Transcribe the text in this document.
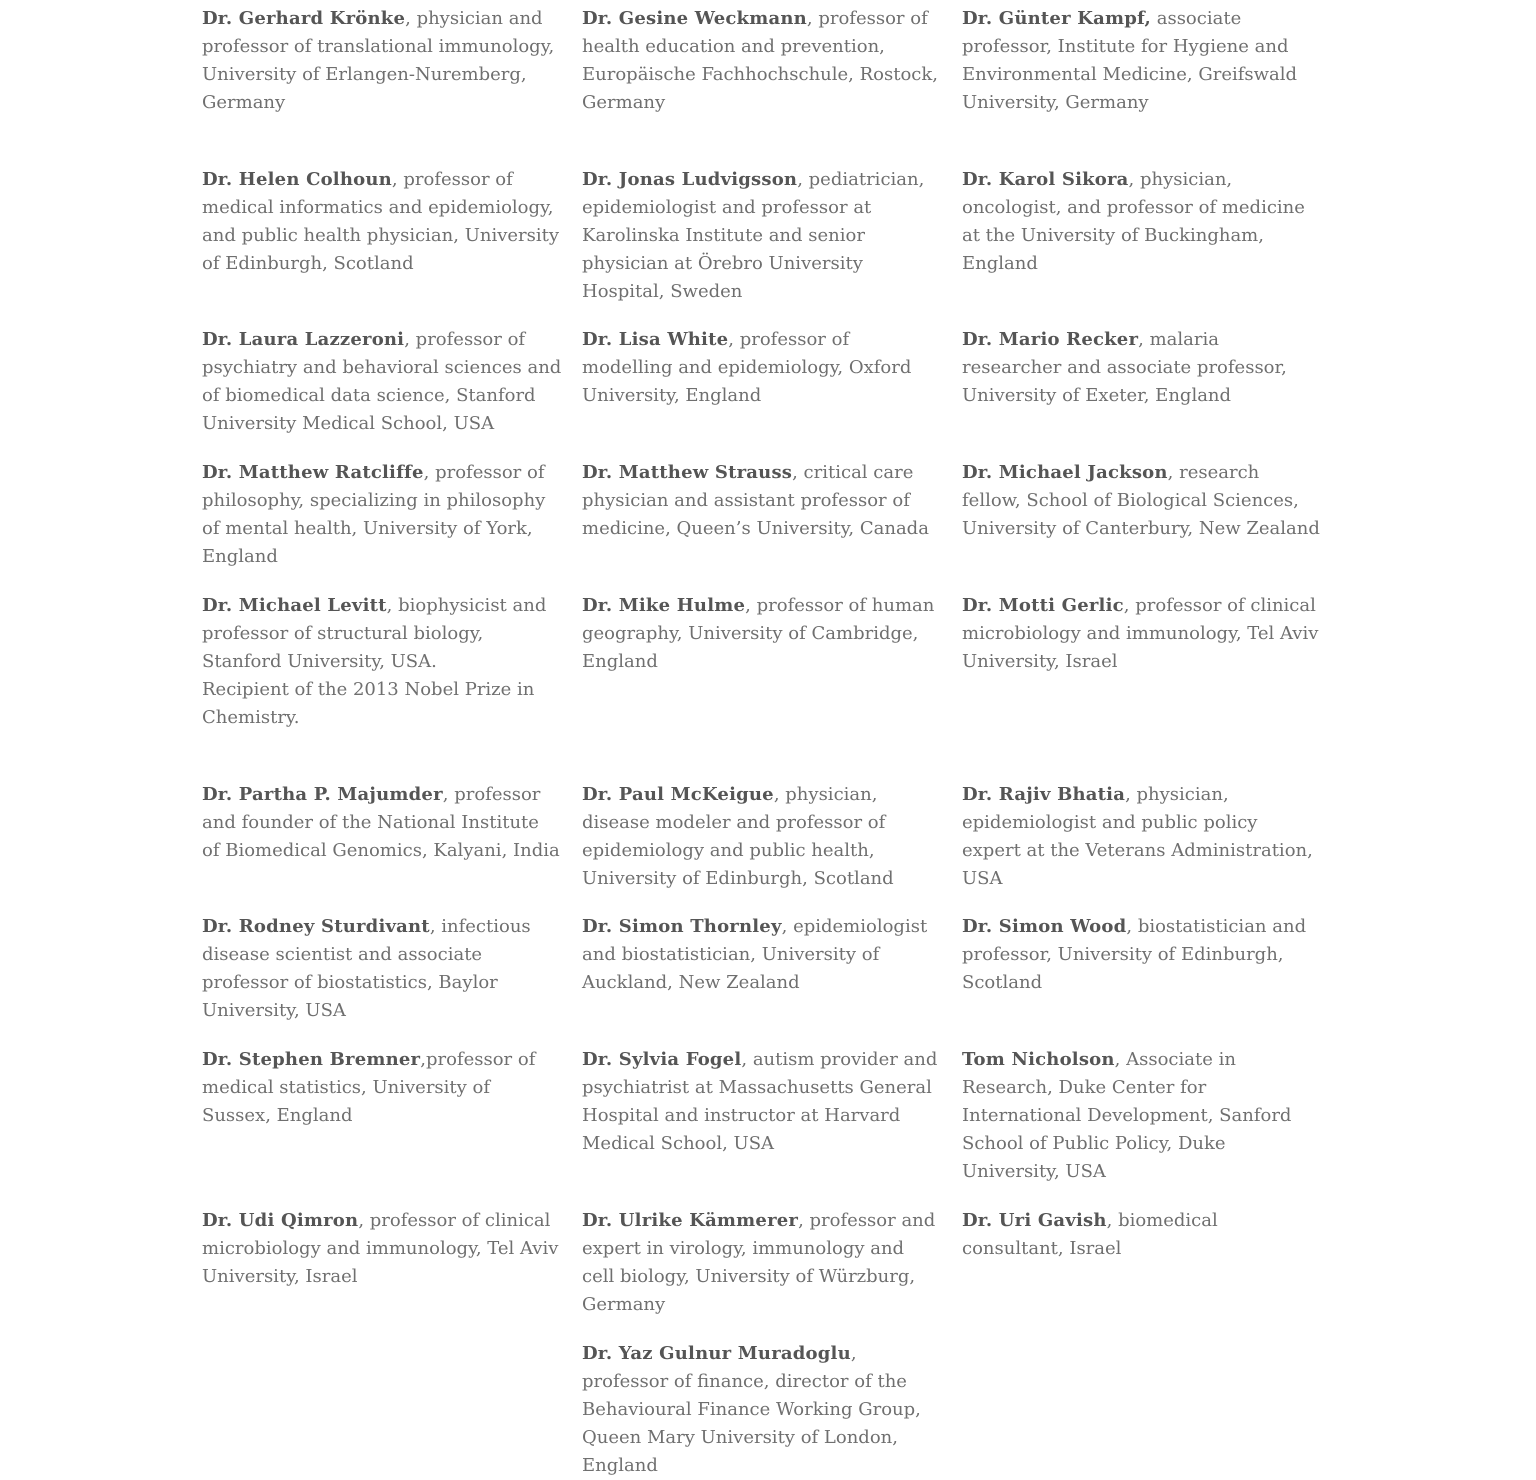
Dr. Gerhard Krönke, physician and professor of translational immunology, University of Erlangen-Nuremberg, Germany
Dr. Gesine Weckmann, professor of health education and prevention, Europäische Fachhochschule, Rostock, Germany
Dr. Günter Kampf, associate professor, Institute for Hygiene and Environmental Medicine, Greifswald University, Germany
Dr. Helen Colhoun, professor of medical informatics and epidemiology, and public health physician, University of Edinburgh, Scotland
Dr. Jonas Ludvigsson, pediatrician, epidemiologist and professor at Karolinska Institute and senior physician at Örebro University Hospital, Sweden
Dr. Karol Sikora, physician, oncologist, and professor of medicine at the University of Buckingham, England
Dr. Laura Lazzeroni, professor of psychiatry and behavioral sciences and of biomedical data science, Stanford University Medical School, USA
Dr. Lisa White, professor of modelling and epidemiology, Oxford University, England
Dr. Mario Recker, malaria researcher and associate professor, University of Exeter, England
Dr. Matthew Ratcliffe, professor of philosophy, specializing in philosophy of mental health, University of York, England
Dr. Matthew Strauss, critical care physician and assistant professor of medicine, Queen’s University, Canada
Dr. Michael Jackson, research fellow, School of Biological Sciences, University of Canterbury, New Zealand
Dr. Michael Levitt, biophysicist and professor of structural biology, Stanford University, USA.
Recipient of the 2013 Nobel Prize in Chemistry.
Dr. Mike Hulme, professor of human geography, University of Cambridge, England
Dr. Motti Gerlic, professor of clinical microbiology and immunology, Tel Aviv University, Israel
Dr. Partha P. Majumder, professor and founder of the National Institute of Biomedical Genomics, Kalyani, India
Dr. Paul McKeigue, physician, disease modeler and professor of epidemiology and public health, University of Edinburgh, Scotland
Dr. Rajiv Bhatia, physician, epidemiologist and public policy expert at the Veterans Administration, USA
Dr. Rodney Sturdivant, infectious disease scientist and associate professor of biostatistics, Baylor University, USA
Dr. Simon Thornley, epidemiologist and biostatistician, University of Auckland, New Zealand
Dr. Simon Wood, biostatistician and professor, University of Edinburgh, Scotland
Dr. Stephen Bremner,professor of medical statistics, University of Sussex, England
Dr. Sylvia Fogel, autism provider and psychiatrist at Massachusetts General Hospital and instructor at Harvard Medical School, USA
Tom Nicholson, Associate in Research, Duke Center for International Development, Sanford School of Public Policy, Duke University, USA
Dr. Udi Qimron, professor of clinical microbiology and immunology, Tel Aviv University, Israel
Dr. Ulrike Kämmerer, professor and expert in virology, immunology and cell biology, University of Würzburg, Germany
Dr. Uri Gavish, biomedical consultant, Israel
Dr. Yaz Gulnur Muradoglu, professor of finance, director of the Behavioural Finance Working Group, Queen Mary University of London, England
